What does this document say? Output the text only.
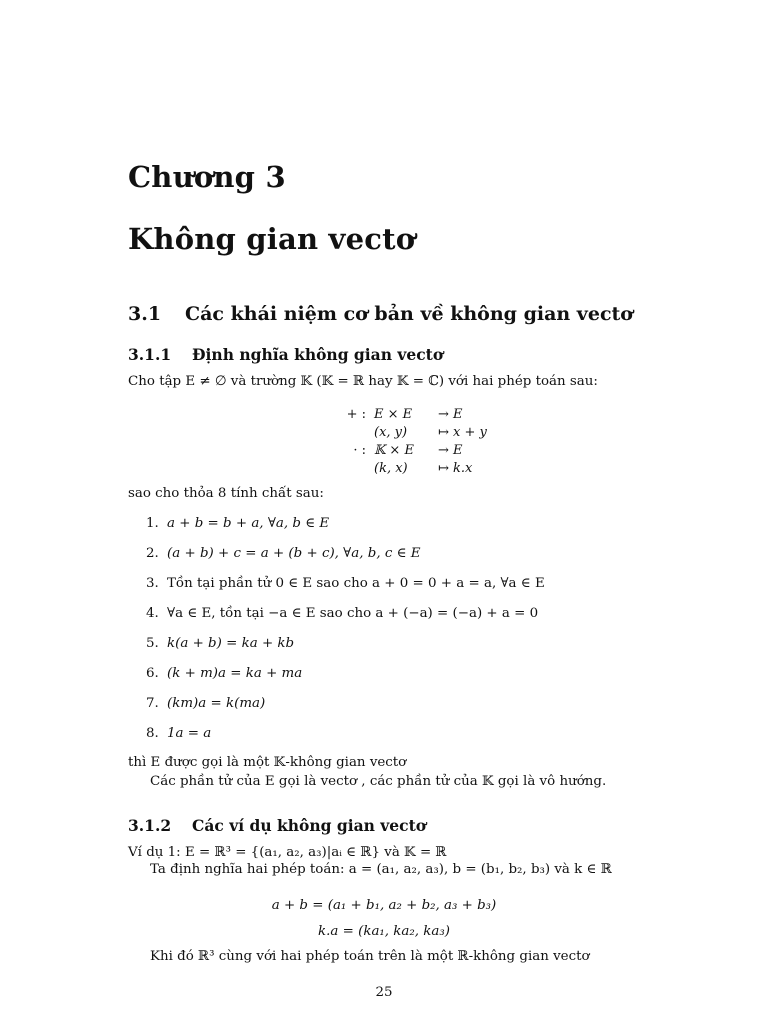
Chương 3
Không gian vectơ
3.1 Các khái niệm cơ bản về không gian vectơ
3.1.1 Định nghĩa không gian vectơ
Cho tập E ≠ ∅ và trường 𝕂 (𝕂 = ℝ hay 𝕂 = ℂ) với hai phép toán sau:
+ :	E × E	→ E
	(x, y)	↦ x + y
· :	𝕂 × E	→ E
	(k, x)	↦ k.x
sao cho thỏa 8 tính chất sau:
1. a + b = b + a, ∀a, b ∈ E
2. (a + b) + c = a + (b + c), ∀a, b, c ∈ E
3. Tồn tại phần tử 0 ∈ E sao cho a + 0 = 0 + a = a, ∀a ∈ E
4. ∀a ∈ E, tồn tại −a ∈ E sao cho a + (−a) = (−a) + a = 0
5. k(a + b) = ka + kb
6. (k + m)a = ka + ma
7. (km)a = k(ma)
8. 1a = a
thì E được gọi là một 𝕂-không gian vectơ
Các phần tử của E gọi là vectơ , các phần tử của 𝕂 gọi là vô hướng.
3.1.2 Các ví dụ không gian vectơ
Ví dụ 1: E = ℝ³ = {(a₁, a₂, a₃)|aᵢ ∈ ℝ} và 𝕂 = ℝ
Ta định nghĩa hai phép toán: a = (a₁, a₂, a₃), b = (b₁, b₂, b₃) và k ∈ ℝ
a + b = (a₁ + b₁, a₂ + b₂, a₃ + b₃)
k.a = (ka₁, ka₂, ka₃)
Khi đó ℝ³ cùng với hai phép toán trên là một ℝ-không gian vectơ
25
